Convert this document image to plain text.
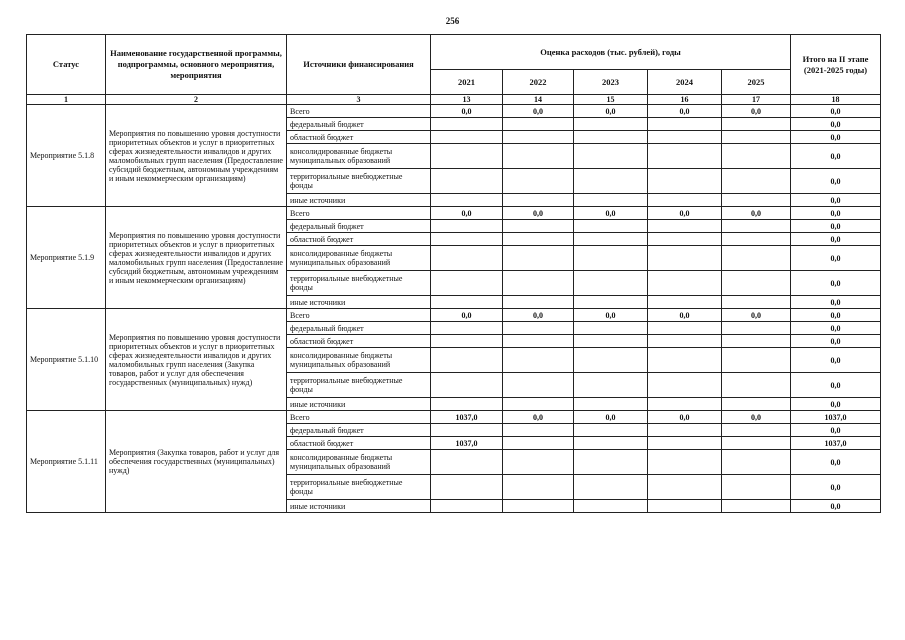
256
Статус	Наименование государственной программы, подпрограммы, основного мероприятия, мероприятия	Источники финансирования	Оценка расходов (тыс. рублей), годы					Итого на II этапе (2021-2025 годы)
			2021	2022	2023	2024	2025	
1	2	3	13	14	15	16	17	18
Мероприятие 5.1.8	Мероприятия по повышению уровня доступности приоритетных объектов и услуг в приоритетных сферах жизнедеятельности инвалидов и других маломобильных групп населения (Предоставление субсидий бюджетным, автономным учреждениям и иным некоммерческим организациям)	Всего	0,0	0,0	0,0	0,0	0,0	0,0
		федеральный бюджет						0,0
		областной бюджет						0,0
		консолидированные бюджеты муниципальных образований						0,0
		территориальные внебюджетные фонды						0,0
		иные источники						0,0
Мероприятие 5.1.9	Мероприятия по повышению уровня доступности приоритетных объектов и услуг в приоритетных сферах жизнедеятельности инвалидов и других маломобильных групп населения (Предоставление субсидий бюджетным, автономным учреждениям и иным некоммерческим организациям)	Всего	0,0	0,0	0,0	0,0	0,0	0,0
		федеральный бюджет						0,0
		областной бюджет						0,0
		консолидированные бюджеты муниципальных образований						0,0
		территориальные внебюджетные фонды						0,0
		иные источники						0,0
Мероприятие 5.1.10	Мероприятия по повышению уровня доступности приоритетных объектов и услуг в приоритетных сферах жизнедеятельности инвалидов и других маломобильных групп населения (Закупка товаров, работ и услуг для обеспечения государственных (муниципальных) нужд)	Всего	0,0	0,0	0,0	0,0	0,0	0,0
		федеральный бюджет						0,0
		областной бюджет						0,0
		консолидированные бюджеты муниципальных образований						0,0
		территориальные внебюджетные фонды						0,0
		иные источники						0,0
Мероприятие 5.1.11	Мероприятия (Закупка товаров, работ и услуг для обеспечения государственных (муниципальных) нужд)	Всего	1037,0	0,0	0,0	0,0	0,0	1037,0
		федеральный бюджет						0,0
		областной бюджет	1037,0					1037,0
		консолидированные бюджеты муниципальных образований						0,0
		территориальные внебюджетные фонды						0,0
		иные источники						0,0
